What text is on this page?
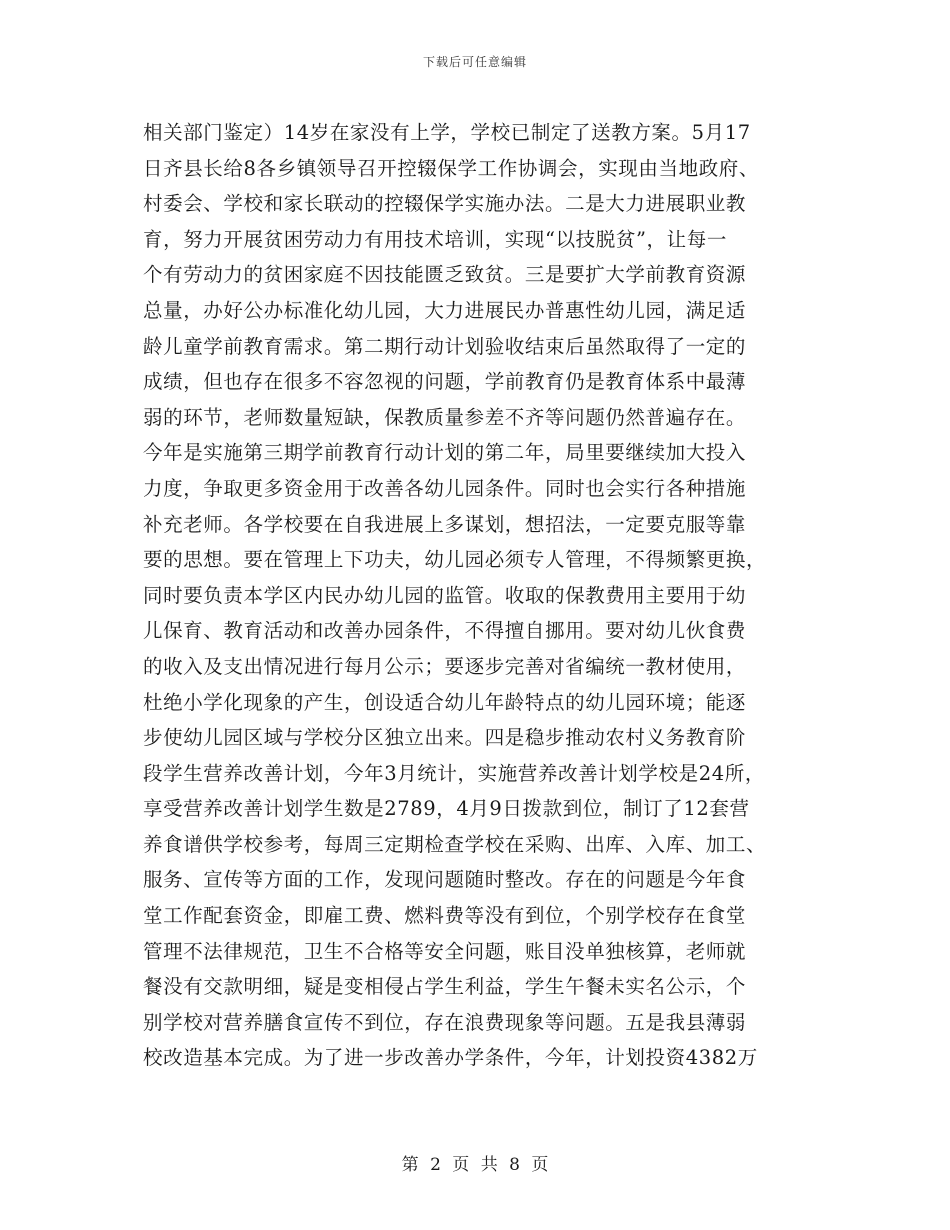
下载后可任意编辑
相关部门鉴定）14岁在家没有上学，学校已制定了送教方案。5月17
日齐县长给8各乡镇领导召开控辍保学工作协调会，实现由当地政府、
村委会、学校和家长联动的控辍保学实施办法。二是大力进展职业教
育，努力开展贫困劳动力有用技术培训，实现“以技脱贫”，让每一
个有劳动力的贫困家庭不因技能匮乏致贫。三是要扩大学前教育资源
总量，办好公办标准化幼儿园，大力进展民办普惠性幼儿园，满足适
龄儿童学前教育需求。第二期行动计划验收结束后虽然取得了一定的
成绩，但也存在很多不容忽视的问题，学前教育仍是教育体系中最薄
弱的环节，老师数量短缺，保教质量参差不齐等问题仍然普遍存在。
今年是实施第三期学前教育行动计划的第二年，局里要继续加大投入
力度，争取更多资金用于改善各幼儿园条件。同时也会实行各种措施
补充老师。各学校要在自我进展上多谋划，想招法，一定要克服等靠
要的思想。要在管理上下功夫，幼儿园必须专人管理，不得频繁更换，
同时要负责本学区内民办幼儿园的监管。收取的保教费用主要用于幼
儿保育、教育活动和改善办园条件，不得擅自挪用。要对幼儿伙食费
的收入及支出情况进行每月公示；要逐步完善对省编统一教材使用，
杜绝小学化现象的产生，创设适合幼儿年龄特点的幼儿园环境；能逐
步使幼儿园区域与学校分区独立出来。四是稳步推动农村义务教育阶
段学生营养改善计划，今年3月统计，实施营养改善计划学校是24所，
享受营养改善计划学生数是2789，4月9日拨款到位，制订了12套营
养食谱供学校参考，每周三定期检查学校在采购、出库、入库、加工、
服务、宣传等方面的工作，发现问题随时整改。存在的问题是今年食
堂工作配套资金，即雇工费、燃料费等没有到位，个别学校存在食堂
管理不法律规范，卫生不合格等安全问题，账目没单独核算，老师就
餐没有交款明细，疑是变相侵占学生利益，学生午餐未实名公示，个
别学校对营养膳食宣传不到位，存在浪费现象等问题。五是我县薄弱
校改造基本完成。为了进一步改善办学条件，今年，计划投资4382万
第 2 页 共 8 页
